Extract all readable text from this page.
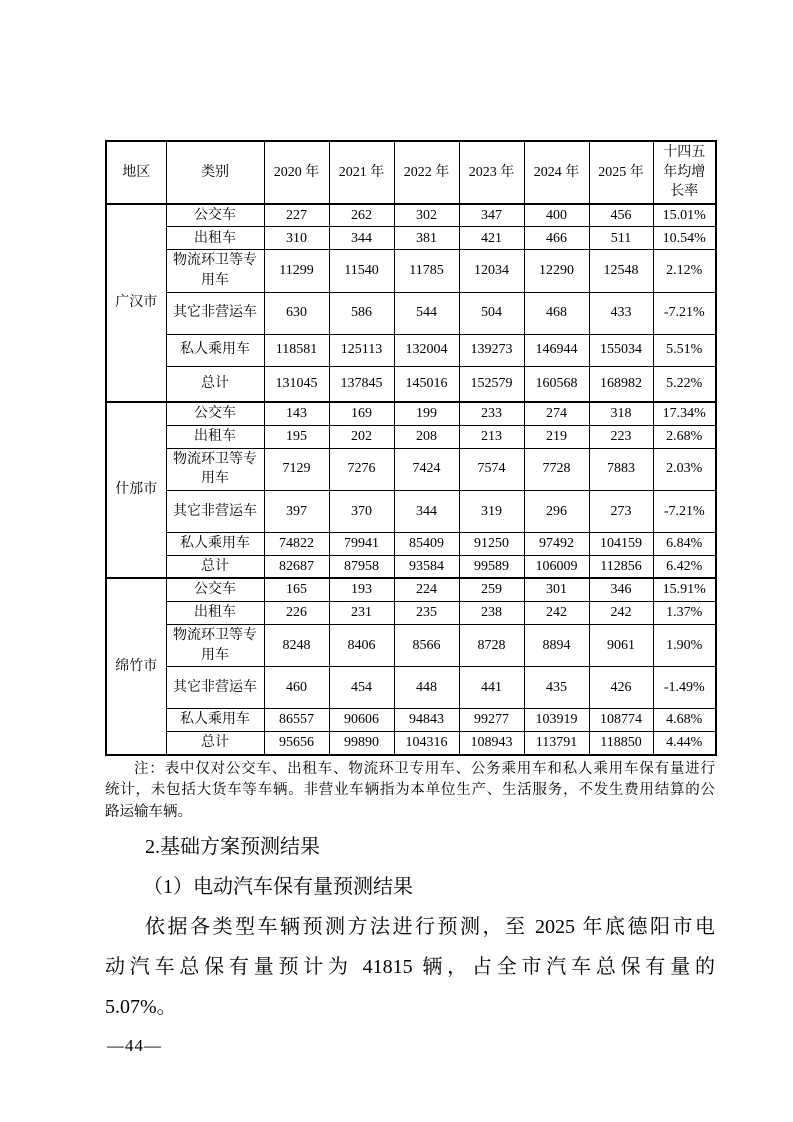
地区	类别	2020 年	2021 年	2022 年	2023 年	2024 年	2025 年	十四五年均增长率
广汉市	公交车	227	262	302	347	400	456	15.01%
	出租车	310	344	381	421	466	511	10.54%
	物流环卫等专用车	11299	11540	11785	12034	12290	12548	2.12%
	其它非营运车	630	586	544	504	468	433	-7.21%
	私人乘用车	118581	125113	132004	139273	146944	155034	5.51%
	总计	131045	137845	145016	152579	160568	168982	5.22%
什邡市	公交车	143	169	199	233	274	318	17.34%
	出租车	195	202	208	213	219	223	2.68%
	物流环卫等专用车	7129	7276	7424	7574	7728	7883	2.03%
	其它非营运车	397	370	344	319	296	273	-7.21%
	私人乘用车	74822	79941	85409	91250	97492	104159	6.84%
	总计	82687	87958	93584	99589	106009	112856	6.42%
绵竹市	公交车	165	193	224	259	301	346	15.91%
	出租车	226	231	235	238	242	242	1.37%
	物流环卫等专用车	8248	8406	8566	8728	8894	9061	1.90%
	其它非营运车	460	454	448	441	435	426	-1.49%
	私人乘用车	86557	90606	94843	99277	103919	108774	4.68%
	总计	95656	99890	104316	108943	113791	118850	4.44%
注：表中仅对公交车、出租车、物流环卫专用车、公务乘用车和私人乘用车保有量进行
统计，未包括大货车等车辆。非营业车辆指为本单位生产、生活服务，不发生费用结算的公
路运输车辆。
2.基础方案预测结果
（1）电动汽车保有量预测结果
依据各类型车辆预测方法进行预测，至 2025 年底德阳市电
动汽车总保有量预计为 41815 辆，占全市汽车总保有量的
5.07%。
—44—
